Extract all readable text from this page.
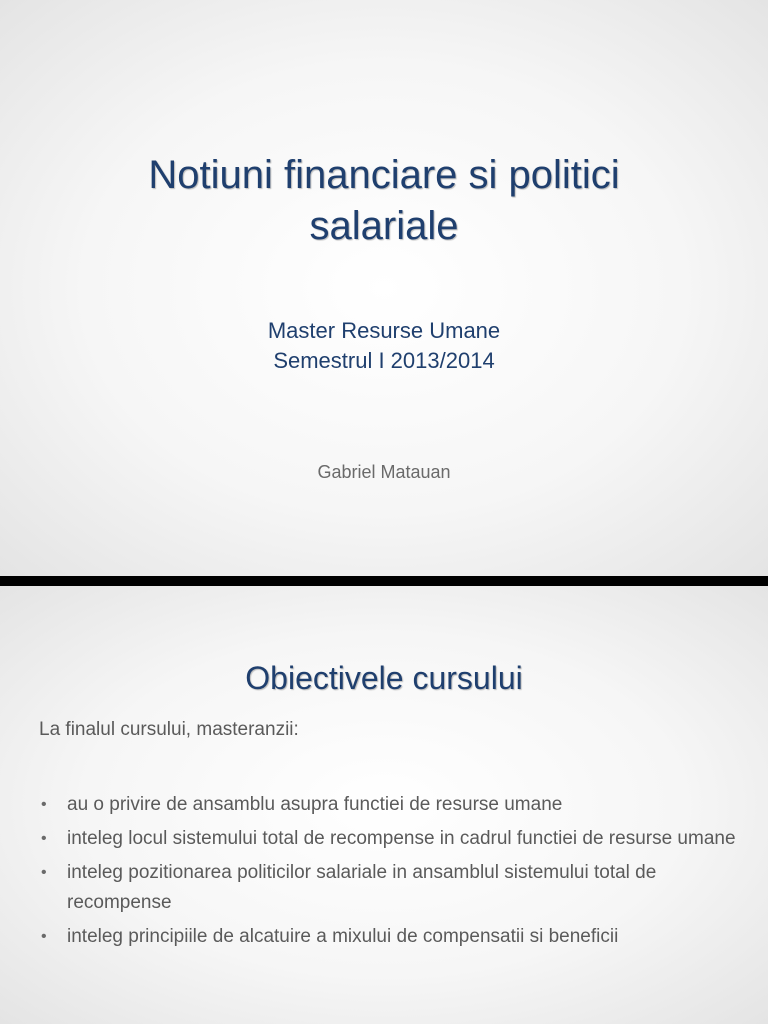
Notiuni financiare si politici
salariale
Master Resurse Umane
Semestrul I 2013/2014
Gabriel Matauan
Obiectivele cursului
La finalul cursului, masteranzii:
• au o privire de ansamblu asupra functiei de resurse umane
• inteleg locul sistemului total de recompense in cadrul functiei de resurse umane
• inteleg pozitionarea politicilor salariale in ansamblul sistemului total de recompense
• inteleg principiile de alcatuire a mixului de compensatii si beneficii
